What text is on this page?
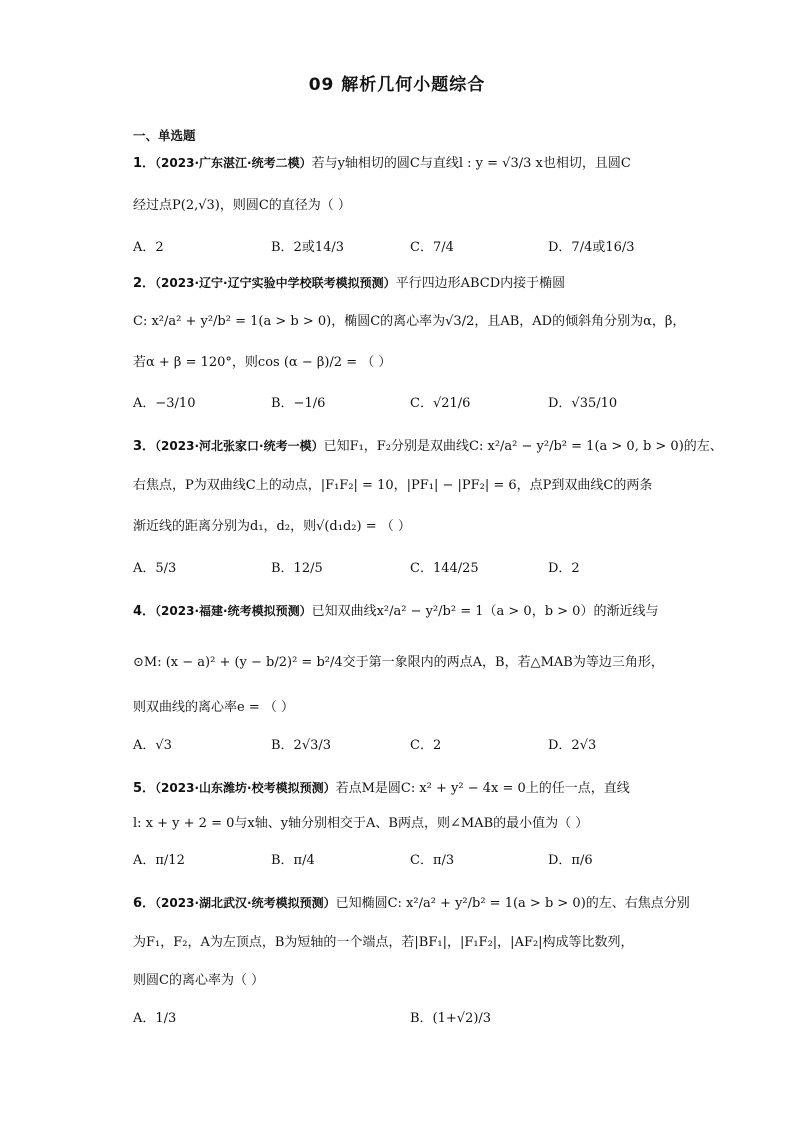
09 解析几何小题综合
一、单选题
1．（2023·广东湛江·统考二模）若与y轴相切的圆C与直线l : y = √3/3 x也相切，且圆C
经过点P(2,√3)，则圆C的直径为（ ）
A．2	B．2或14/3	C．7/4	D．7/4或16/3
2．（2023·辽宁·辽宁实验中学校联考模拟预测）平行四边形ABCD内接于椭圆
C: x²/a² + y²/b² = 1(a > b > 0)，椭圆C的离心率为√3/2，且AB，AD的倾斜角分别为α，β，
若α + β = 120°，则cos (α − β)/2 = （ ）
A．−3/10	B．−1/6	C．√21/6	D．√35/10
3．（2023·河北张家口·统考一模）已知F₁，F₂分别是双曲线C: x²/a² − y²/b² = 1(a > 0, b > 0)的左、
右焦点，P为双曲线C上的动点，|F₁F₂| = 10，|PF₁| − |PF₂| = 6，点P到双曲线C的两条
渐近线的距离分别为d₁，d₂，则√(d₁d₂) = （ ）
A．5/3	B．12/5	C．144/25	D．2
4．（2023·福建·统考模拟预测）已知双曲线x²/a² − y²/b² = 1（a > 0，b > 0）的渐近线与
⊙M: (x − a)² + (y − b/2)² = b²/4交于第一象限内的两点A，B，若△MAB为等边三角形，
则双曲线的离心率e = （ ）
A．√3	B．2√3/3	C．2	D．2√3
5．（2023·山东潍坊·校考模拟预测）若点M是圆C: x² + y² − 4x = 0上的任一点，直线
l: x + y + 2 = 0与x轴、y轴分别相交于A、B两点，则∠MAB的最小值为（ ）
A．π/12	B．π/4	C．π/3	D．π/6
6．（2023·湖北武汉·统考模拟预测）已知椭圆C: x²/a² + y²/b² = 1(a > b > 0)的左、右焦点分别
为F₁，F₂，A为左顶点，B为短轴的一个端点，若|BF₁|，|F₁F₂|，|AF₂|构成等比数列，
则圆C的离心率为（ ）
A．1/3	B．(1+√2)/3
